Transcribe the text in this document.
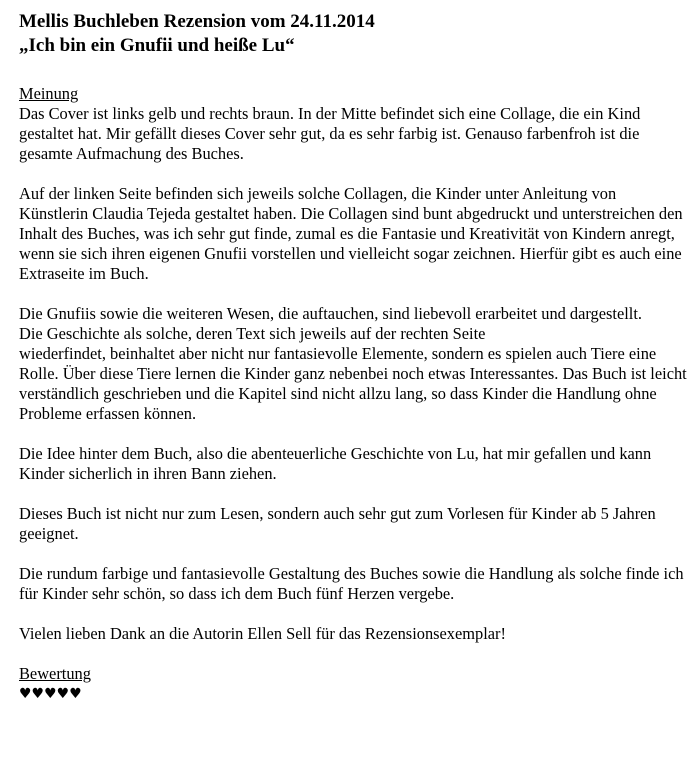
Mellis Buchleben Rezension vom 24.11.2014

„Ich bin ein Gnufii und heiße Lu“

Meinung

Das Cover ist links gelb und rechts braun. In der Mitte befindet sich eine Collage, die ein Kind gestaltet hat. Mir gefällt dieses Cover sehr gut, da es sehr farbig ist. Genauso farbenfroh ist die gesamte Aufmachung des Buches.

Auf der linken Seite befinden sich jeweils solche Collagen, die Kinder unter Anleitung von Künstlerin Claudia Tejeda gestaltet haben. Die Collagen sind bunt abgedruckt und unterstreichen den Inhalt des Buches, was ich sehr gut finde, zumal es die Fantasie und Kreativität von Kindern anregt, wenn sie sich ihren eigenen Gnufii vorstellen und vielleicht sogar zeichnen. Hierfür gibt es auch eine Extraseite im Buch.

Die Gnufiis sowie die weiteren Wesen, die auftauchen, sind liebevoll erarbeitet und dargestellt.

Die Geschichte als solche, deren Text sich jeweils auf der rechten Seite

wiederfindet, beinhaltet aber nicht nur fantasievolle Elemente, sondern es spielen auch Tiere eine Rolle. Über diese Tiere lernen die Kinder ganz nebenbei noch etwas Interessantes. Das Buch ist leicht verständlich geschrieben und die Kapitel sind nicht allzu lang, so dass Kinder die Handlung ohne Probleme erfassen können.

Die Idee hinter dem Buch, also die abenteuerliche Geschichte von Lu, hat mir gefallen und kann Kinder sicherlich in ihren Bann ziehen.

Dieses Buch ist nicht nur zum Lesen, sondern auch sehr gut zum Vorlesen für Kinder ab 5 Jahren geeignet.

Die rundum farbige und fantasievolle Gestaltung des Buches sowie die Handlung als solche finde ich für Kinder sehr schön, so dass ich dem Buch fünf Herzen vergebe.

Vielen lieben Dank an die Autorin Ellen Sell für das Rezensionsexemplar!

Bewertung

♥♥♥♥♥
